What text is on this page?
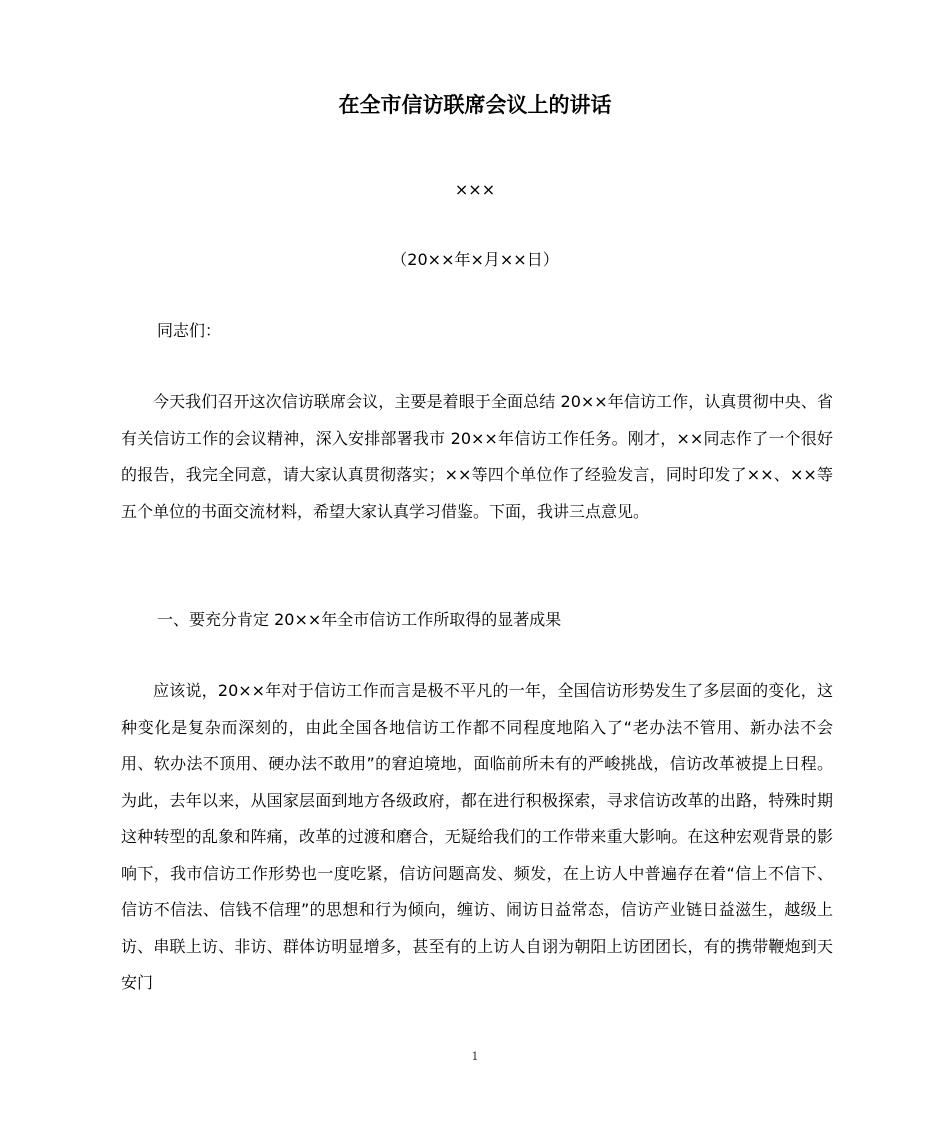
在全市信访联席会议上的讲话
×××
（20××年×月××日）
同志们：

今天我们召开这次信访联席会议，主要是着眼于全面总结 20××年信访工作，认真贯彻中央、省有关信访工作的会议精神，深入安排部署我市 20××年信访工作任务。刚才，××同志作了一个很好的报告，我完全同意，请大家认真贯彻落实；××等四个单位作了经验发言，同时印发了××、××等五个单位的书面交流材料，希望大家认真学习借鉴。下面，我讲三点意见。

一、要充分肯定 20××年全市信访工作所取得的显著成果

应该说，20××年对于信访工作而言是极不平凡的一年，全国信访形势发生了多层面的变化，这种变化是复杂而深刻的，由此全国各地信访工作都不同程度地陷入了“老办法不管用、新办法不会用、软办法不顶用、硬办法不敢用”的窘迫境地，面临前所未有的严峻挑战，信访改革被提上日程。为此，去年以来，从国家层面到地方各级政府，都在进行积极探索，寻求信访改革的出路，特殊时期这种转型的乱象和阵痛，改革的过渡和磨合，无疑给我们的工作带来重大影响。在这种宏观背景的影响下，我市信访工作形势也一度吃紧，信访问题高发、频发，在上访人中普遍存在着“信上不信下、信访不信法、信钱不信理”的思想和行为倾向，缠访、闹访日益常态，信访产业链日益滋生，越级上访、串联上访、非访、群体访明显增多，甚至有的上访人自诩为朝阳上访团团长，有的携带鞭炮到天安门

1
